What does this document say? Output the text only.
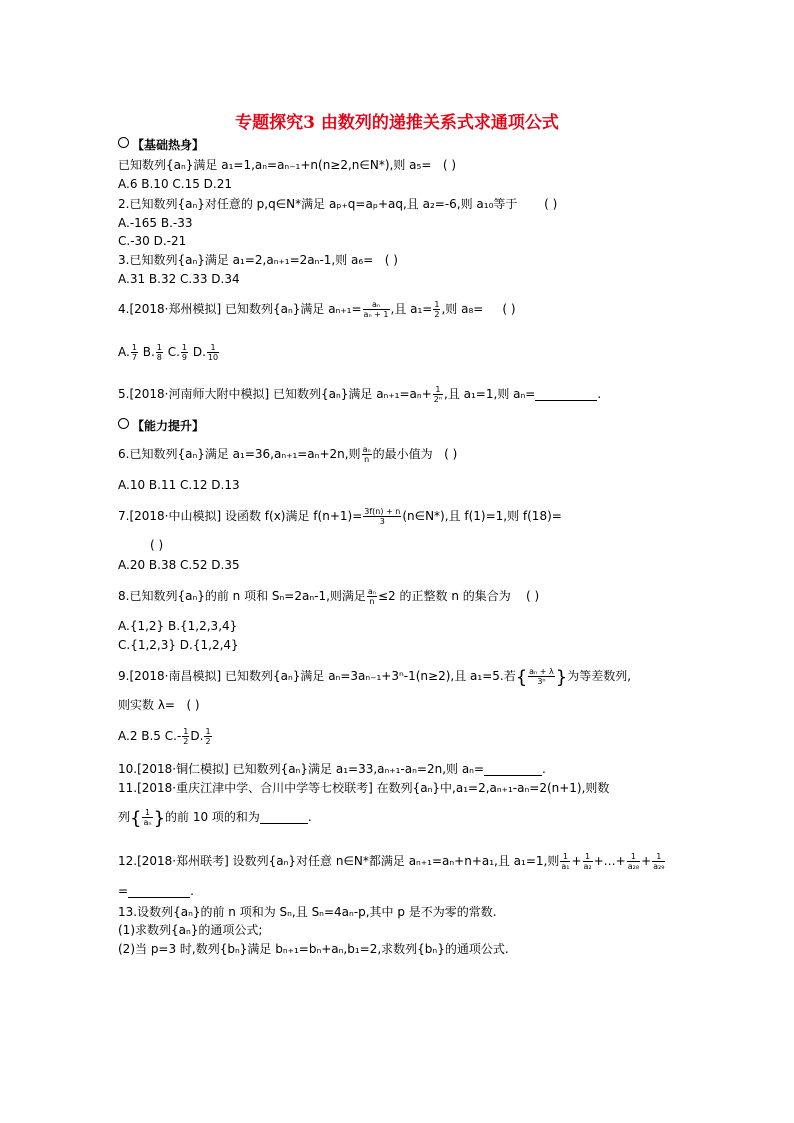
专题探究3 由数列的递推关系式求通项公式
【基础热身】
已知数列{aₙ}满足 a₁=1,aₙ=aₙ₋₁+n(n≥2,n∈N*),则 a₅= ( )
A.6 B.10 C.15 D.21
2.已知数列{aₙ}对任意的 p,q∈N*满足 aₚ₊q=aₚ+aq,且 a₂=-6,则 a₁₀等于 ( )
A.-165 B.-33
C.-30 D.-21
3.已知数列{aₙ}满足 a₁=2,aₙ₊₁=2aₙ-1,则 a₆= ( )
A.31 B.32 C.33 D.34
4.[2018·郑州模拟] 已知数列{aₙ}满足 $a_{n+1}= \frac{\text{aₙ}}{\text{aₙ + 1}}$ ,且 $a_1= \frac{1}{2}$ ,则 a₈= ( )
A. $\frac{1}{7} B$. $\frac{1}{8} C$. $\frac{1}{9} D$. $\frac{1}{10}$
5.[2018·河南师大附中模拟] 已知数列{aₙ}满足 $a_{n+1}=a_n+ \frac{1}{\text{2ⁿ}}$ ,且 a₁=1,则 aₙ=	.
【能力提升】
6.已知数列{aₙ}满足 a₁=36,aₙ₊₁=aₙ+2n,则 $\frac{\text{aₙ}}{n}$ 的最小值为 ( )
A.10 B.11 C.12 D.13
7.[2018·中山模拟] 设函数 f(x)满足 $f(n+1)= \frac{3f(n) + n}{3}$ (n∈N*),且 f(1)=1,则 f(18)=
( )
A.20 B.38 C.52 D.35
8.已知数列{aₙ}的前 n 项和 Sₙ=2aₙ-1,则满足 $\frac{\text{aₙ}}{n} \le 2$ 的正整数 n 的集合为 ( )
A.{1,2} B.{1,2,3,4}
C.{1,2,3} D.{1,2,4}
9.[2018·南昌模拟] 已知数列{aₙ}满足 aₙ=3aₙ₋₁+3ⁿ-1(n≥2),且 a₁=5.若{ $\frac{\text{aₙ + λ}}{\text{3ⁿ}}$ }为等差数列,
则实数 λ= ( )
A.2 B.5 $C.- \frac{1}{2} D$. $\frac{1}{2}$
10.[2018·铜仁模拟] 已知数列{aₙ}满足 a₁=33,aₙ₊₁-aₙ=2n,则 aₙ=	.
11.[2018·重庆江津中学、合川中学等七校联考] 在数列{aₙ}中,a₁=2,aₙ₊₁-aₙ=2(n+1),则数
列{ $\frac{1}{\text{aₙ}}$ }的前 10 项的和为	.
12.[2018·郑州联考] 设数列{aₙ}对任意 n∈N*都满足 aₙ₊₁=aₙ+n+a₁,且 a₁=1,则 $\frac{1}{\text{a₁}} + \frac{1}{\text{a₂}}$ +…+ $\frac{1}{\text{a₂₈}} + \frac{1}{\text{a₂₉}}$
=	.
13.设数列{aₙ}的前 n 项和为 Sₙ,且 Sₙ=4aₙ-p,其中 p 是不为零的常数.
(1)求数列{aₙ}的通项公式;
(2)当 p=3 时,数列{bₙ}满足 bₙ₊₁=bₙ+aₙ,b₁=2,求数列{bₙ}的通项公式.
